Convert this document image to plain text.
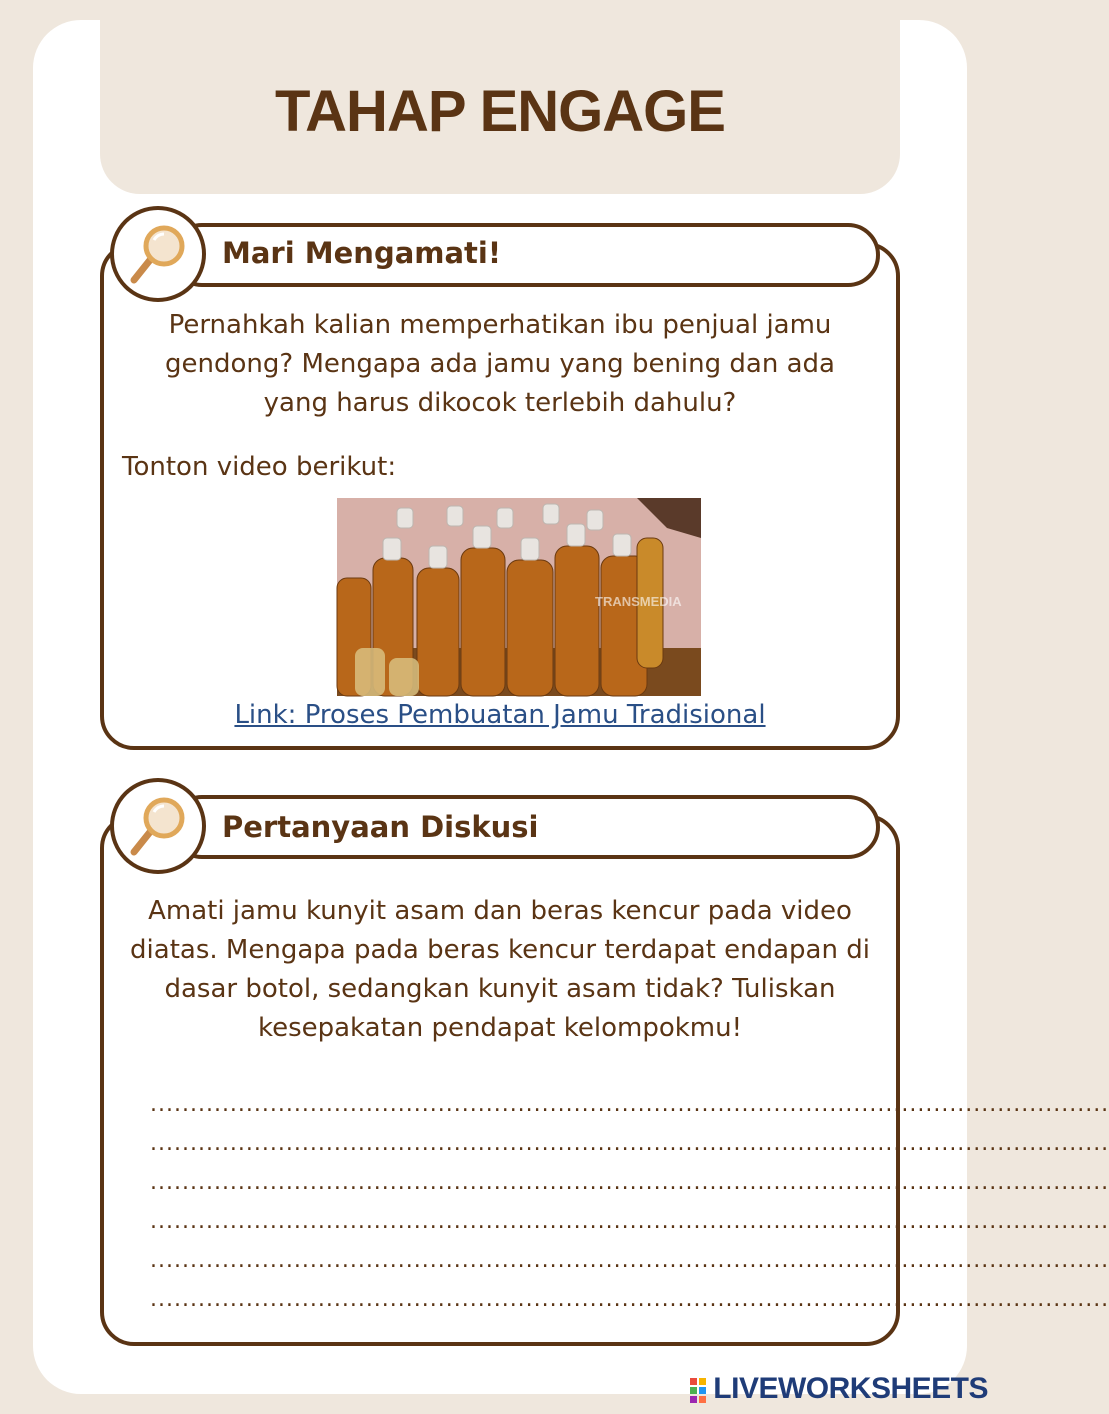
TAHAP ENGAGE
Mari Mengamati!
Pernahkah kalian memperhatikan ibu penjual jamu gendong? Mengapa ada jamu yang bening dan ada yang harus dikocok terlebih dahulu?
Tonton video berikut:
TRANSMEDIA
Link: Proses Pembuatan Jamu Tradisional
Pertanyaan Diskusi
Amati jamu kunyit asam dan beras kencur pada video diatas. Mengapa pada beras kencur terdapat endapan di dasar botol, sedangkan kunyit asam tidak? Tuliskan kesepakatan pendapat kelompokmu!
........................................................................................................................
........................................................................................................................
........................................................................................................................
........................................................................................................................
........................................................................................................................
........................................................................................................................
LIVEWORKSHEETS
